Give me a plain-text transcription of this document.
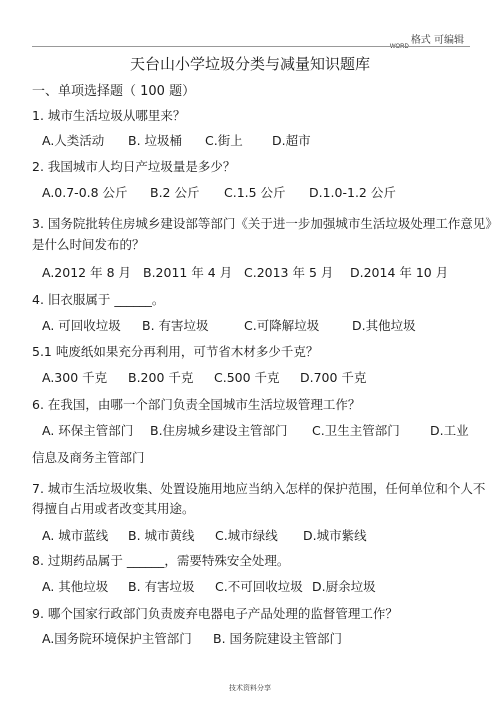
$_{WORD}$格式 可编辑
天台山小学垃圾分类与减量知识题库
一、单项选择题（ 100 题）
1. 城市生活垃圾从哪里来？
A.人类活动 B. 垃圾桶 C.街上 D.超市
2. 我国城市人均日产垃圾量是多少？
A.0.7-0.8 公斤 B.2 公斤 C.1.5 公斤 D.1.0-1.2 公斤
3. 国务院批转住房城乡建设部等部门《关于进一步加强城市生活垃圾处理工作意见》
是什么时间发布的？
A.2012 年 8 月 B.2011 年 4 月 C.2013 年 5 月 D.2014 年 10 月
4. 旧衣服属于 ______。
A. 可回收垃圾 B. 有害垃圾	C.可降解垃圾	D.其他垃圾
5.1 吨废纸如果充分再利用，可节省木材多少千克？
A.300 千克 B.200 千克 C.500 千克 D.700 千克
6. 在我国，由哪一个部门负责全国城市生活垃圾管理工作？
A. 环保主管部门 B.住房城乡建设主管部门 C.卫生主管部门 D.工业
信息及商务主管部门
7. 城市生活垃圾收集、处置设施用地应当纳入怎样的保护范围，任何单位和个人不
得擅自占用或者改变其用途。
A. 城市蓝线 B. 城市黄线 C.城市绿线 D.城市紫线
8. 过期药品属于 ______，需要特殊安全处理。
A. 其他垃圾 B. 有害垃圾 C.不可回收垃圾 D.厨余垃圾
9. 哪个国家行政部门负责废弃电器电子产品处理的监督管理工作？
A.国务院环境保护主管部门 B. 国务院建设主管部门
技术资料分享
